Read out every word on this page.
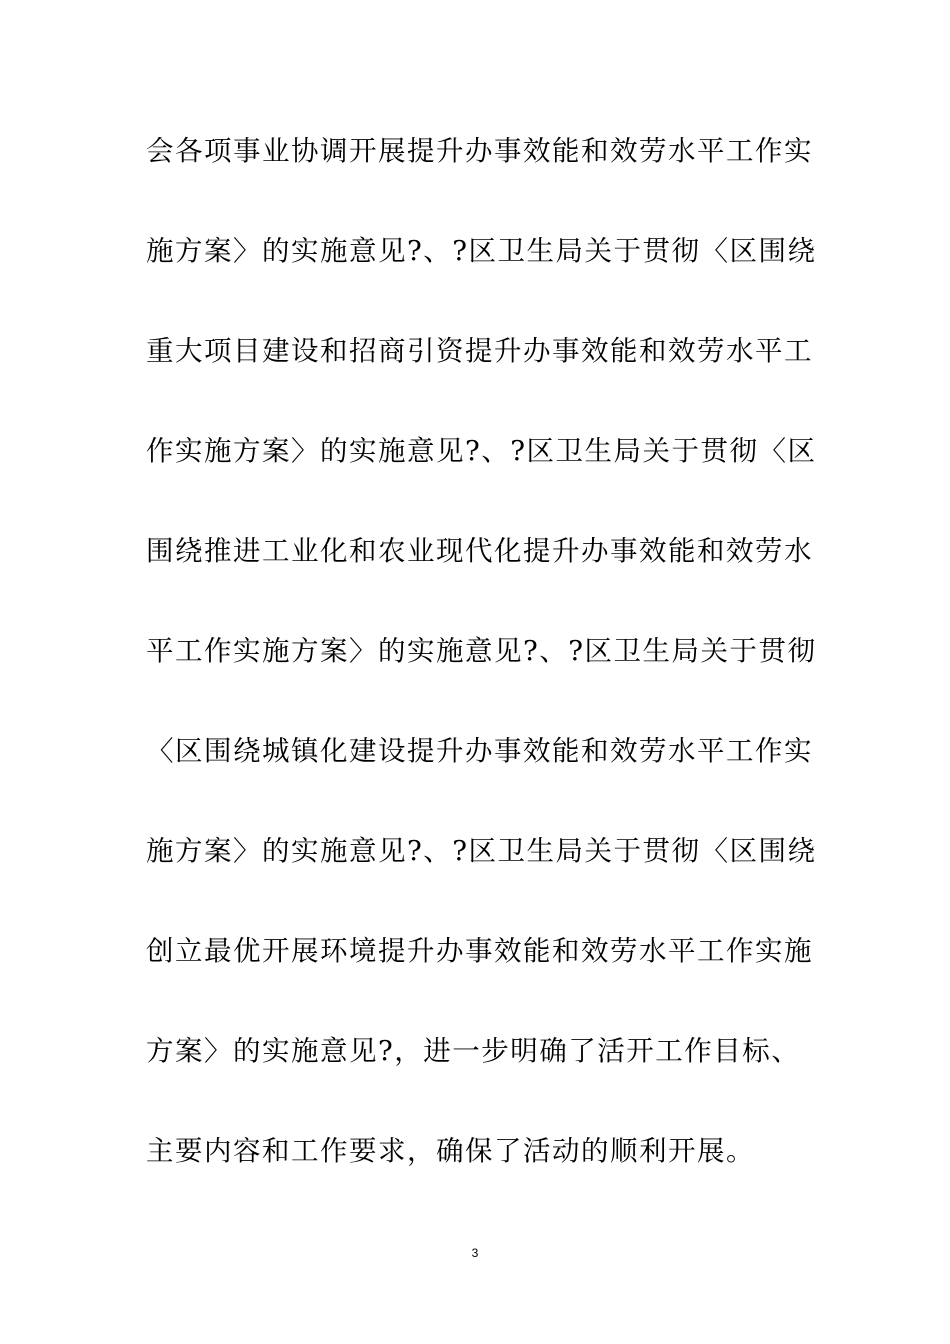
会各项事业协调开展提升办事效能和效劳水平工作实
施方案〉的实施意见?、?区卫生局关于贯彻〈区围绕
重大项目建设和招商引资提升办事效能和效劳水平工
作实施方案〉的实施意见?、?区卫生局关于贯彻〈区
围绕推进工业化和农业现代化提升办事效能和效劳水
平工作实施方案〉的实施意见?、?区卫生局关于贯彻
〈区围绕城镇化建设提升办事效能和效劳水平工作实
施方案〉的实施意见?、?区卫生局关于贯彻〈区围绕
创立最优开展环境提升办事效能和效劳水平工作实施
方案〉的实施意见?，进一步明确了活开工作目标、
主要内容和工作要求，确保了活动的顺利开展。
3
